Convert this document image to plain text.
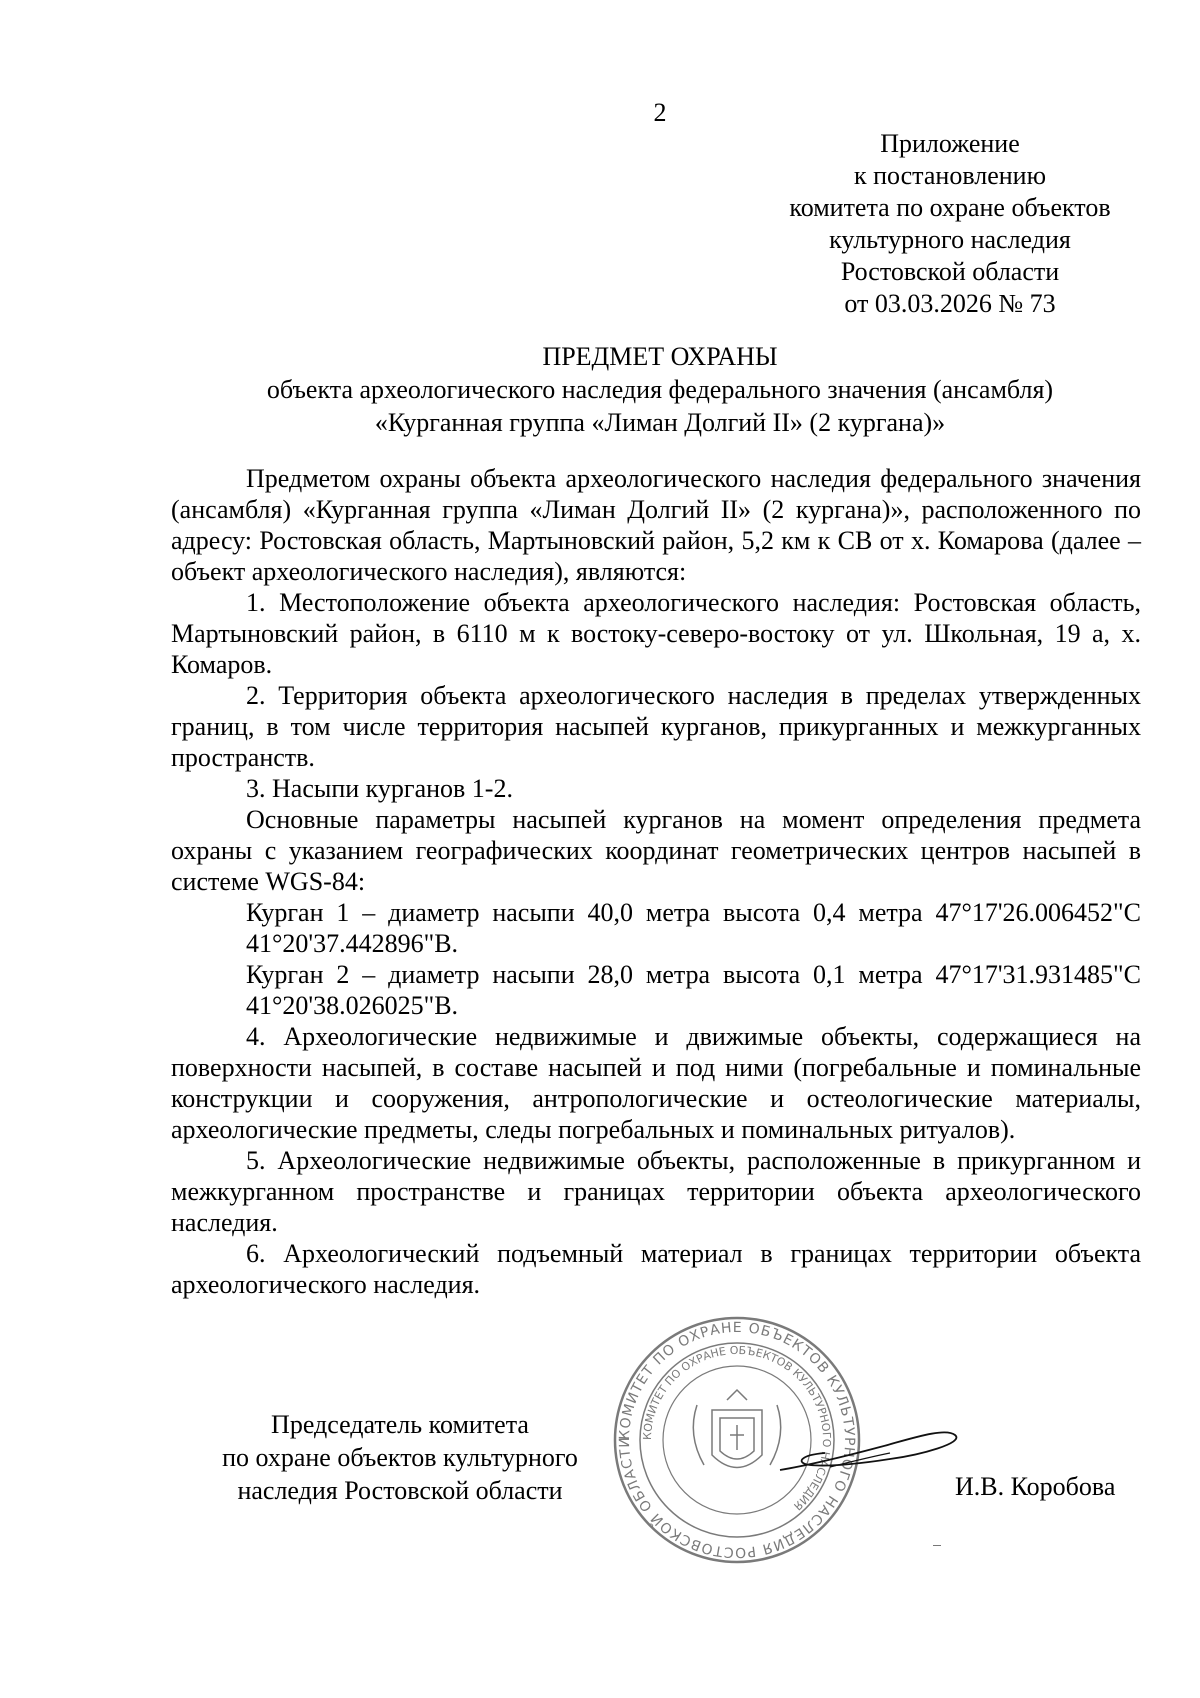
2
Приложение
к постановлению
комитета по охране объектов
культурного наследия
Ростовской области
от 03.03.2026 № 73
ПРЕДМЕТ ОХРАНЫ
объекта археологического наследия федерального значения (ансамбля)
«Курганная группа «Лиман Долгий II» (2 кургана)»

Предметом охраны объекта археологического наследия федерального значения (ансамбля) «Курганная группа «Лиман Долгий II» (2 кургана)», расположенного по адресу: Ростовская область, Мартыновский район, 5,2 км к СВ от х. Комарова (далее – объект археологического наследия), являются:

1. Местоположение объекта археологического наследия: Ростовская область, Мартыновский район, в 6110 м к востоку-северо-востоку от ул. Школьная, 19 а, х. Комаров.

2. Территория объекта археологического наследия в пределах утвержденных границ, в том числе территория насыпей курганов, прикурганных и межкурганных пространств.

3. Насыпи курганов 1-2.

Основные параметры насыпей курганов на момент определения предмета охраны с указанием географических координат геометрических центров насыпей в системе WGS-84:

Курган 1 – диаметр насыпи 40,0 метра высота 0,4 метра 47°17'26.006452"С 41°20'37.442896"В.

Курган 2 – диаметр насыпи 28,0 метра высота 0,1 метра 47°17'31.931485"С 41°20'38.026025"В.

4. Археологические недвижимые и движимые объекты, содержащиеся на поверхности насыпей, в составе насыпей и под ними (погребальные и поминальные конструкции и сооружения, антропологические и остеологические материалы, археологические предметы, следы погребальных и поминальных ритуалов).

5. Археологические недвижимые объекты, расположенные в прикурганном и межкурганном пространстве и границах территории объекта археологического наследия.

6. Археологический подъемный материал в границах территории объекта археологического наследия.

Председатель комитета
по охране объектов культурного
наследия Ростовской области
КОМИТЕТ ПО ОХРАНЕ ОБЪЕКТОВ КУЛЬТУРНОГО НАСЛЕДИЯ РОСТОВСКОЙ ОБЛАСТИ
КОМИТЕТ ПО ОХРАНЕ ОБЪЕКТОВ КУЛЬТУРНОГО НАСЛЕДИЯ
И.В. Коробова
